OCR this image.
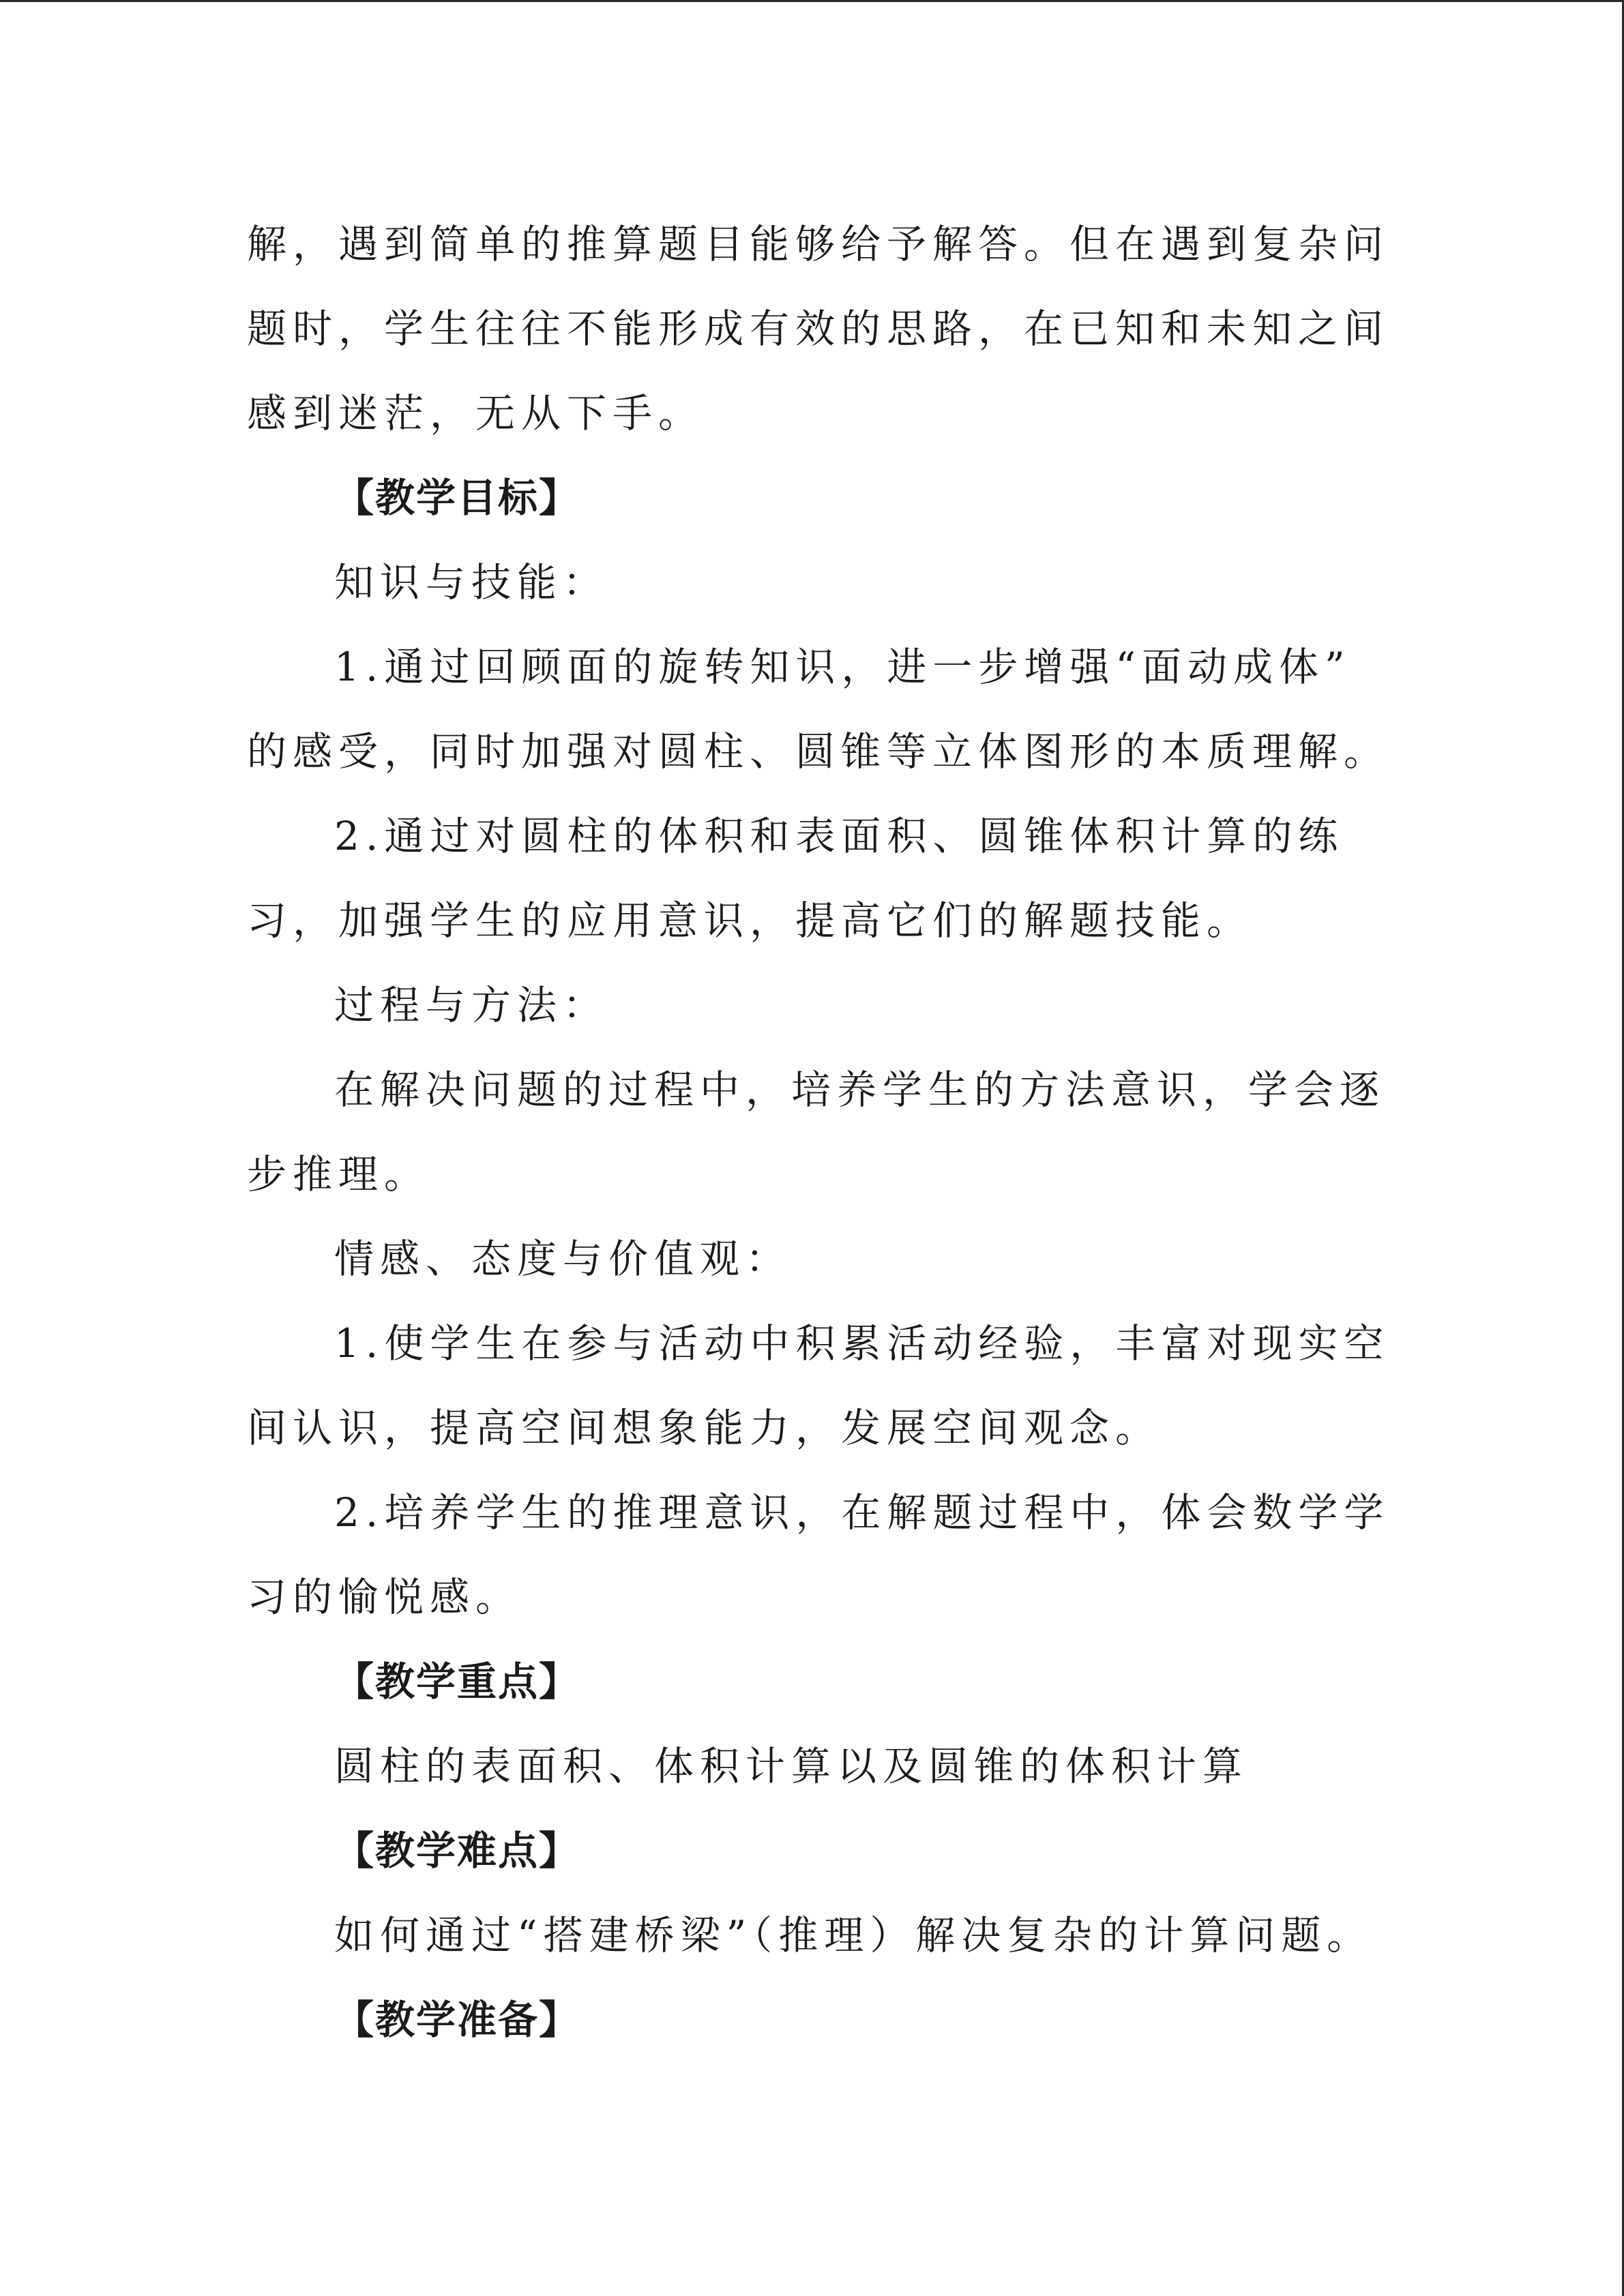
解，遇到简单的推算题目能够给予解答。但在遇到复杂问
题时，学生往往不能形成有效的思路，在已知和未知之间
感到迷茫，无从下手。
【教学目标】
知识与技能：
1.通过回顾面的旋转知识，进一步增强“面动成体”
的感受，同时加强对圆柱、圆锥等立体图形的本质理解。
2.通过对圆柱的体积和表面积、圆锥体积计算的练
习，加强学生的应用意识，提高它们的解题技能。
过程与方法：
在解决问题的过程中，培养学生的方法意识，学会逐
步推理。
情感、态度与价值观：
1.使学生在参与活动中积累活动经验，丰富对现实空
间认识，提高空间想象能力，发展空间观念。
2.培养学生的推理意识，在解题过程中，体会数学学
习的愉悦感。
【教学重点】
圆柱的表面积、体积计算以及圆锥的体积计算
【教学难点】
如何通过“搭建桥梁”（推理）解决复杂的计算问题。
【教学准备】
